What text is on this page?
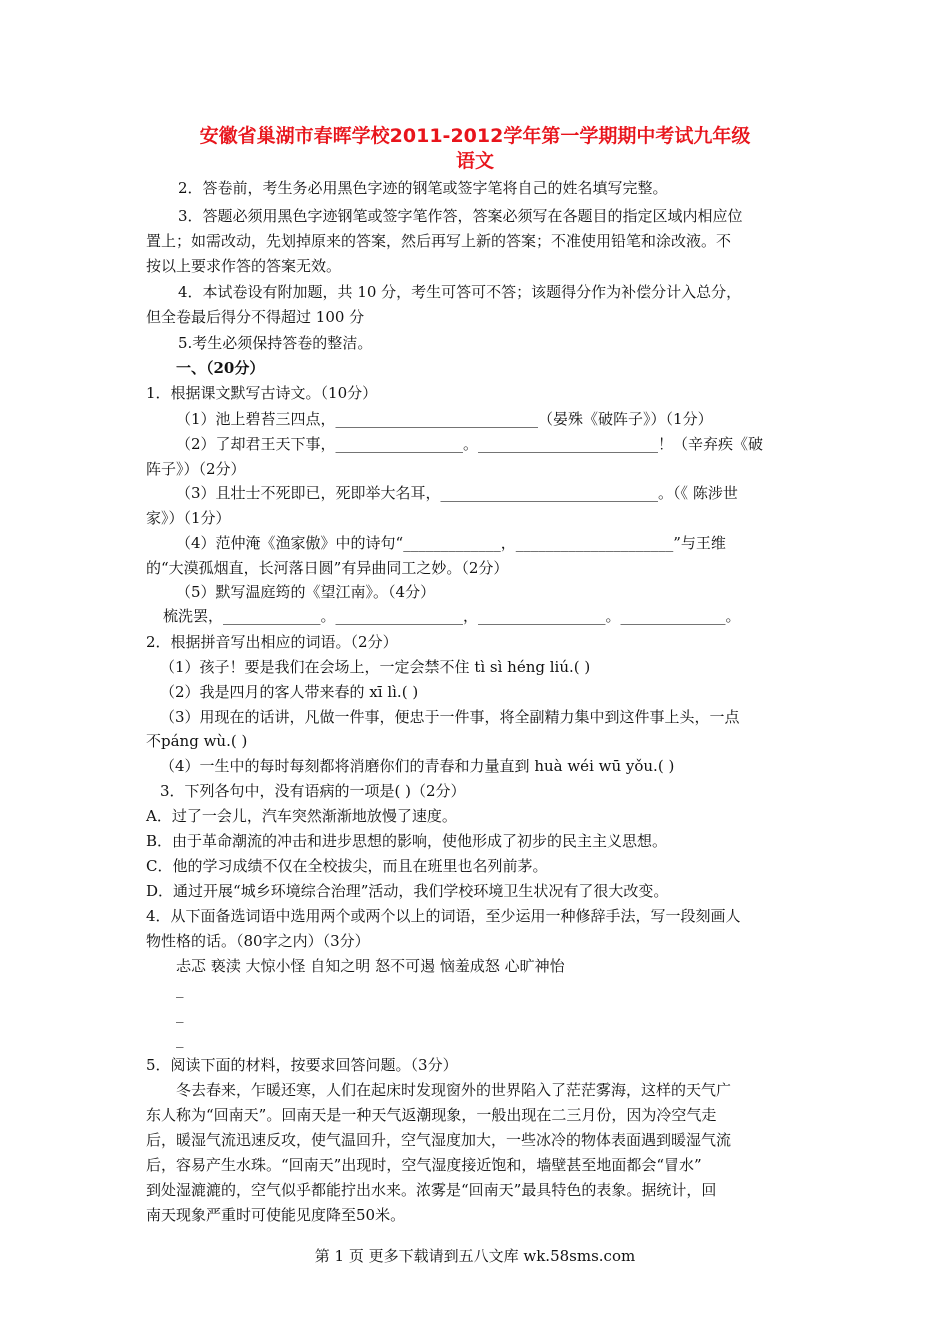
安徽省巢湖市春晖学校2011-2012学年第一学期期中考试九年级
语文
2．答卷前，考生务必用黑色字迹的钢笔或签字笔将自己的姓名填写完整。
3．答题必须用黑色字迹钢笔或签字笔作答，答案必须写在各题目的指定区域内相应位
置上；如需改动，先划掉原来的答案，然后再写上新的答案；不准使用铅笔和涂改液。不
按以上要求作答的答案无效。
4．本试卷设有附加题，共 10 分，考生可答可不答；该题得分作为补偿分计入总分，
但全卷最后得分不得超过 100 分
5.考生必须保持答卷的整洁。
一、（20分）
1．根据课文默写古诗文。（10分）
（1）池上碧苔三四点，___________________________（晏殊《破阵子》）（1分）
（2）了却君王天下事，_________________。________________________！（辛弃疾《破
阵子》）（2分）
（3）且壮士不死即已，死即举大名耳，_____________________________。（《 陈涉世
家》）（1分）
（4）范仲淹《渔家傲》中的诗句“_____________，_____________________”与王维
的“大漠孤烟直，长河落日圆”有异曲同工之妙。（2分）
（5）默写温庭筠的《望江南》。（4分）
梳洗罢，_____________。_________________，_________________。______________。
2．根据拼音写出相应的词语。（2分）
（1）孩子！要是我们在会场上，一定会禁不住 tì sì héng liú.( )
（2）我是四月的客人带来春的 xī lì.( )
（3）用现在的话讲，凡做一件事，便忠于一件事，将全副精力集中到这件事上头，一点
不páng wù.( )
（4）一生中的每时每刻都将消磨你们的青春和力量直到 huà wéi wū yǒu.( )
3．下列各句中，没有语病的一项是( )（2分）
A．过了一会儿，汽车突然渐渐地放慢了速度。
B．由于革命潮流的冲击和进步思想的影响，使他形成了初步的民主主义思想。
C．他的学习成绩不仅在全校拔尖，而且在班里也名列前茅。
D．通过开展“城乡环境综合治理”活动，我们学校环境卫生状况有了很大改变。
4．从下面备选词语中选用两个或两个以上的词语，至少运用一种修辞手法，写一段刻画人
物性格的话。（80字之内）（3分）
忐忑 亵渎 大惊小怪 自知之明 怒不可遏 恼羞成怒 心旷神怡
_
_
_
5．阅读下面的材料，按要求回答问题。（3分）
冬去春来，乍暖还寒，人们在起床时发现窗外的世界陷入了茫茫雾海，这样的天气广
东人称为“回南天”。回南天是一种天气返潮现象，一般出现在二三月份，因为冷空气走
后，暖湿气流迅速反攻，使气温回升，空气湿度加大，一些冰冷的物体表面遇到暖湿气流
后，容易产生水珠。“回南天”出现时，空气湿度接近饱和，墙壁甚至地面都会“冒水”
到处湿漉漉的，空气似乎都能拧出水来。浓雾是“回南天”最具特色的表象。据统计，回
南天现象严重时可使能见度降至50米。
第 1 页 更多下载请到五八文库 wk.58sms.com
